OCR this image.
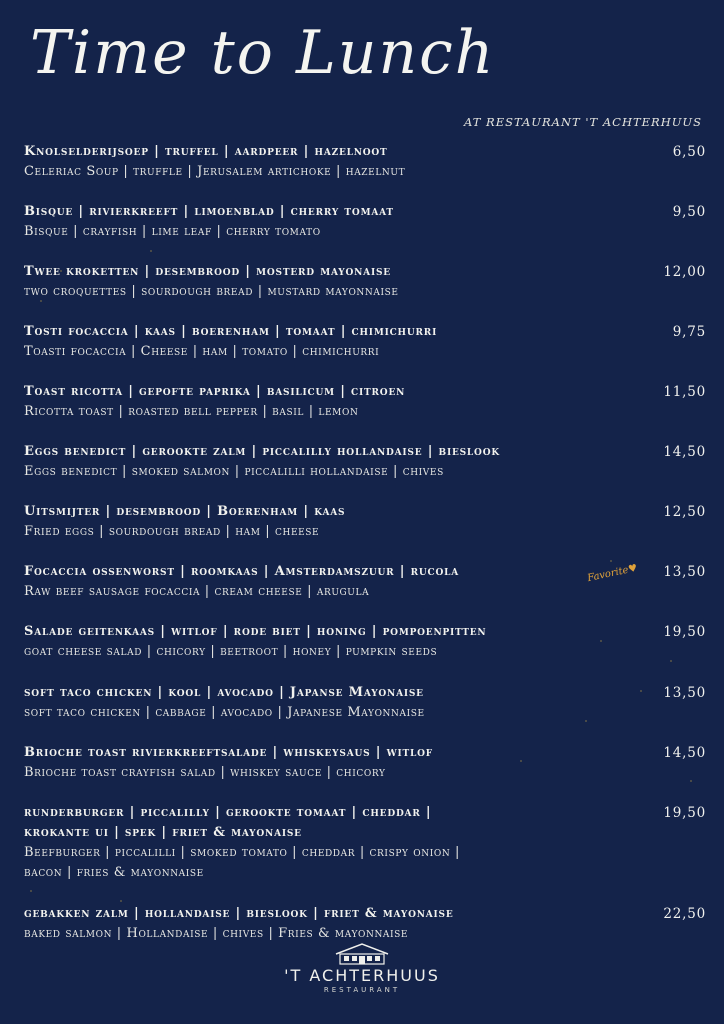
Time to Lunch
AT RESTAURANT 'T ACHTERHUUS
Knolselderijsoep | truffel | aardpeer | hazelnoot
Celeriac Soup | truffle | Jerusalem artichoke | hazelnut
6,50
Bisque | rivierkreeft | limoenblad | cherry tomaat
Bisque | crayfish | lime leaf | cherry tomato
9,50
Twee kroketten | desembrood | mosterd mayonaise
two croquettes | sourdough bread | mustard mayonnaise
12,00
Tosti focaccia | kaas | boerenham | tomaat | chimichurri
Toasti focaccia | Cheese | ham | tomato | chimichurri
9,75
Toast ricotta | gepofte paprika | basilicum | citroen
Ricotta toast | roasted bell pepper | basil | lemon
11,50
Eggs benedict | gerookte zalm | piccalilly hollandaise | bieslook
Eggs benedict | smoked salmon | piccalilli hollandaise | chives
14,50
Uitsmijter | desembrood | Boerenham | kaas
Fried eggs | sourdough bread | ham | cheese
12,50
Focaccia ossenworst | roomkaas | Amsterdamszuur | rucola
Raw beef sausage focaccia | cream cheese | arugula
Favorite♥ 13,50
Salade geitenkaas | witlof | rode biet | honing | pompoenpitten
goat cheese salad | chicory | beetroot | honey | pumpkin seeds
19,50
soft taco chicken | kool | avocado | Japanse Mayonaise
soft taco chicken | cabbage | avocado | Japanese Mayonnaise
13,50
Brioche toast rivierkreeftsalade | whiskeysaus | witlof
Brioche toast crayfish salad | whiskey sauce | chicory
14,50
runderburger | piccalilly | gerookte tomaat | cheddar |
krokante ui | spek | friet & mayonaise
Beefburger | piccalilli | smoked tomato | cheddar | crispy onion |
bacon | fries & mayonnaise
19,50
gebakken zalm | hollandaise | bieslook | friet & mayonaise
baked salmon | Hollandaise | chives | Fries & mayonnaise
22,50
'T ACHTERHUUS
RESTAURANT
